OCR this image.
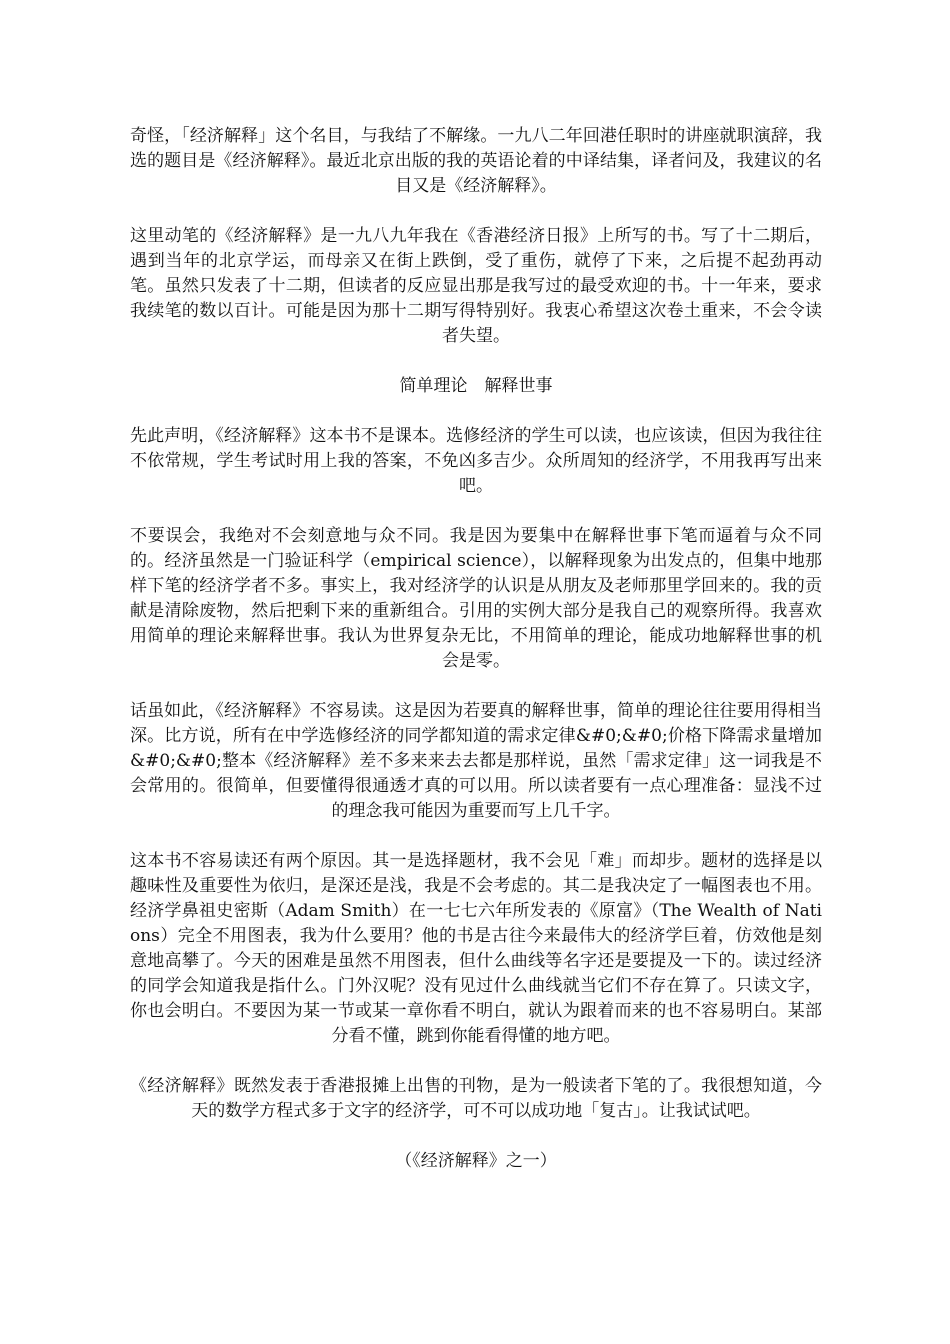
奇怪，「经济解释」这个名目，与我结了不解缘。一九八二年回港任职时的讲座就职演辞，我选的题目是《经济解释》。最近北京出版的我的英语论着的中译结集，译者问及，我建议的名目又是《经济解释》。

这里动笔的《经济解释》是一九八九年我在《香港经济日报》上所写的书。写了十二期后，遇到当年的北京学运，而母亲又在街上跌倒，受了重伤，就停了下来，之后提不起劲再动笔。虽然只发表了十二期，但读者的反应显出那是我写过的最受欢迎的书。十一年来，要求我续笔的数以百计。可能是因为那十二期写得特别好。我衷心希望这次卷土重来，不会令读者失望。

简单理论　解释世事

先此声明，《经济解释》这本书不是课本。选修经济的学生可以读，也应该读，但因为我往往不依常规，学生考试时用上我的答案，不免凶多吉少。众所周知的经济学，不用我再写出来吧。

不要误会，我绝对不会刻意地与众不同。我是因为要集中在解释世事下笔而逼着与众不同的。经济虽然是一门验证科学（empirical science），以解释现象为出发点的，但集中地那样下笔的经济学者不多。事实上，我对经济学的认识是从朋友及老师那里学回来的。我的贡献是清除废物，然后把剩下来的重新组合。引用的实例大部分是我自己的观察所得。我喜欢用简单的理论来解释世事。我认为世界复杂无比，不用简单的理论，能成功地解释世事的机会是零。

话虽如此，《经济解释》不容易读。这是因为若要真的解释世事，简单的理论往往要用得相当深。比方说，所有在中学选修经济的同学都知道的需求定律&#0;&#0;价格下降需求量增加&#0;&#0;整本《经济解释》差不多来来去去都是那样说，虽然「需求定律」这一词我是不会常用的。很简单，但要懂得很通透才真的可以用。所以读者要有一点心理准备：显浅不过的理念我可能因为重要而写上几千字。

这本书不容易读还有两个原因。其一是选择题材，我不会见「难」而却步。题材的选择是以趣味性及重要性为依归，是深还是浅，我是不会考虑的。其二是我决定了一幅图表也不用。经济学鼻祖史密斯（Adam Smith）在一七七六年所发表的《原富》（The Wealth of Nations）完全不用图表，我为什么要用？他的书是古往今来最伟大的经济学巨着，仿效他是刻意地高攀了。今天的困难是虽然不用图表，但什么曲线等名字还是要提及一下的。读过经济的同学会知道我是指什么。门外汉呢？没有见过什么曲线就当它们不存在算了。只读文字，你也会明白。不要因为某一节或某一章你看不明白，就认为跟着而来的也不容易明白。某部分看不懂，跳到你能看得懂的地方吧。

《经济解释》既然发表于香港报摊上出售的刊物，是为一般读者下笔的了。我很想知道，今天的数学方程式多于文字的经济学，可不可以成功地「复古」。让我试试吧。

（《经济解释》之一）
